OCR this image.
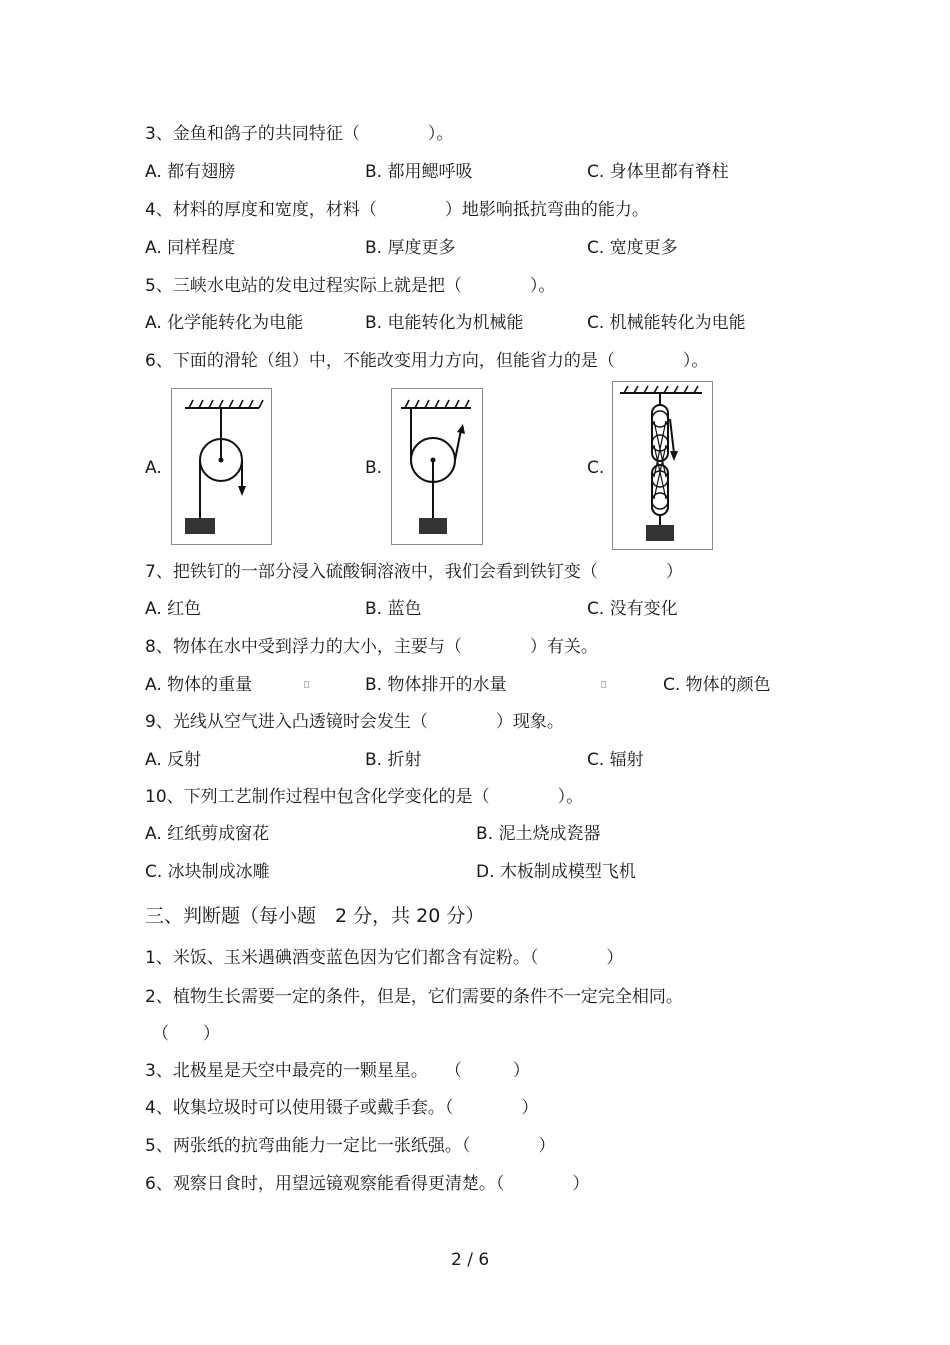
3、金鱼和鸽子的共同特征（　　　　）。
A. 都有翅膀	B. 都用鳃呼吸	C. 身体里都有脊柱
4、材料的厚度和宽度，材料（　　　　）地影响抵抗弯曲的能力。
A. 同样程度	B. 厚度更多	C. 宽度更多
5、三峡水电站的发电过程实际上就是把（　　　　）。
A. 化学能转化为电能	B. 电能转化为机械能	C. 机械能转化为电能
6、下面的滑轮（组）中，不能改变用力方向，但能省力的是（　　　　）。
A.	B.	C.
7、把铁钉的一部分浸入硫酸铜溶液中，我们会看到铁钉变（　　　　）
A. 红色	B. 蓝色	C. 没有变化
8、物体在水中受到浮力的大小，主要与（　　　　）有关。
A. 物体的重量	B. 物体排开的水量	C. 物体的颜色
9、光线从空气进入凸透镜时会发生（　　　　）现象。
A. 反射	B. 折射	C. 辐射
10、下列工艺制作过程中包含化学变化的是（　　　　）。
A. 红纸剪成窗花	B. 泥土烧成瓷器
C. 冰块制成冰雕	D. 木板制成模型飞机
三、判断题（每小题　2 分，共 20 分）
1、米饭、玉米遇碘酒变蓝色因为它们都含有淀粉。（　　　　）
2、植物生长需要一定的条件，但是，它们需要的条件不一定完全相同。
（　　）
3、北极星是天空中最亮的一颗星星。　　（　　　）
4、收集垃圾时可以使用镊子或戴手套。（　　　　）
5、两张纸的抗弯曲能力一定比一张纸强。（　　　　）
6、观察日食时，用望远镜观察能看得更清楚。（　　　　）
2 / 6
